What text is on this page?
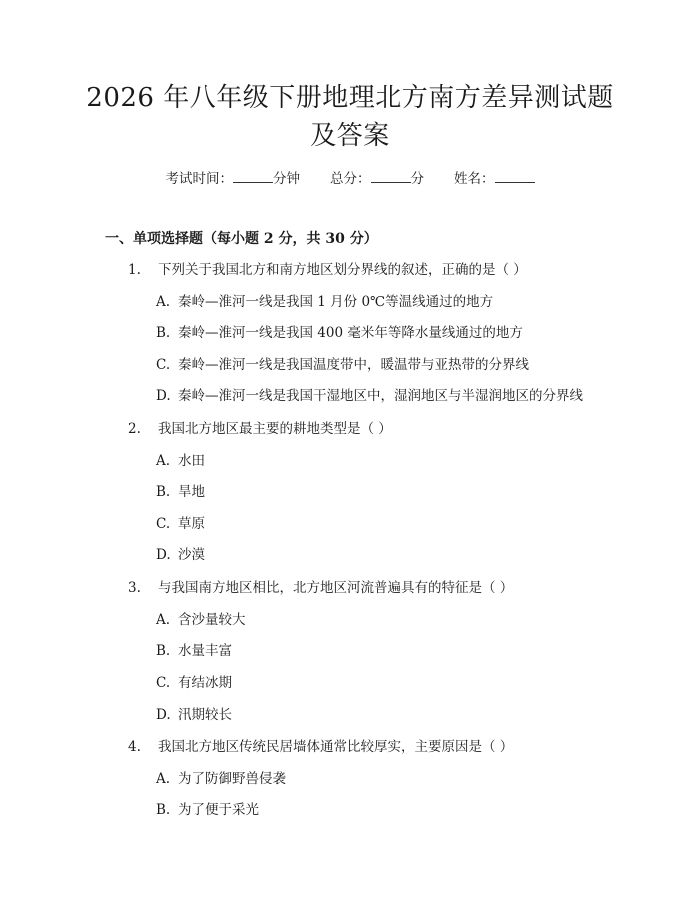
2026 年八年级下册地理北方南方差异测试题
及答案
考试时间：	分钟 总分：	分 姓名：
一、单项选择题（每小题 2 分，共 30 分）
1. 下列关于我国北方和南方地区划分界线的叙述，正确的是（ ）
A. 秦岭—淮河一线是我国 1 月份 0℃等温线通过的地方
B. 秦岭—淮河一线是我国 400 毫米年等降水量线通过的地方
C. 秦岭—淮河一线是我国温度带中，暖温带与亚热带的分界线
D. 秦岭—淮河一线是我国干湿地区中，湿润地区与半湿润地区的分界线
2. 我国北方地区最主要的耕地类型是（ ）
A. 水田
B. 旱地
C. 草原
D. 沙漠
3. 与我国南方地区相比，北方地区河流普遍具有的特征是（ ）
A. 含沙量较大
B. 水量丰富
C. 有结冰期
D. 汛期较长
4. 我国北方地区传统民居墙体通常比较厚实，主要原因是（ ）
A. 为了防御野兽侵袭
B. 为了便于采光
